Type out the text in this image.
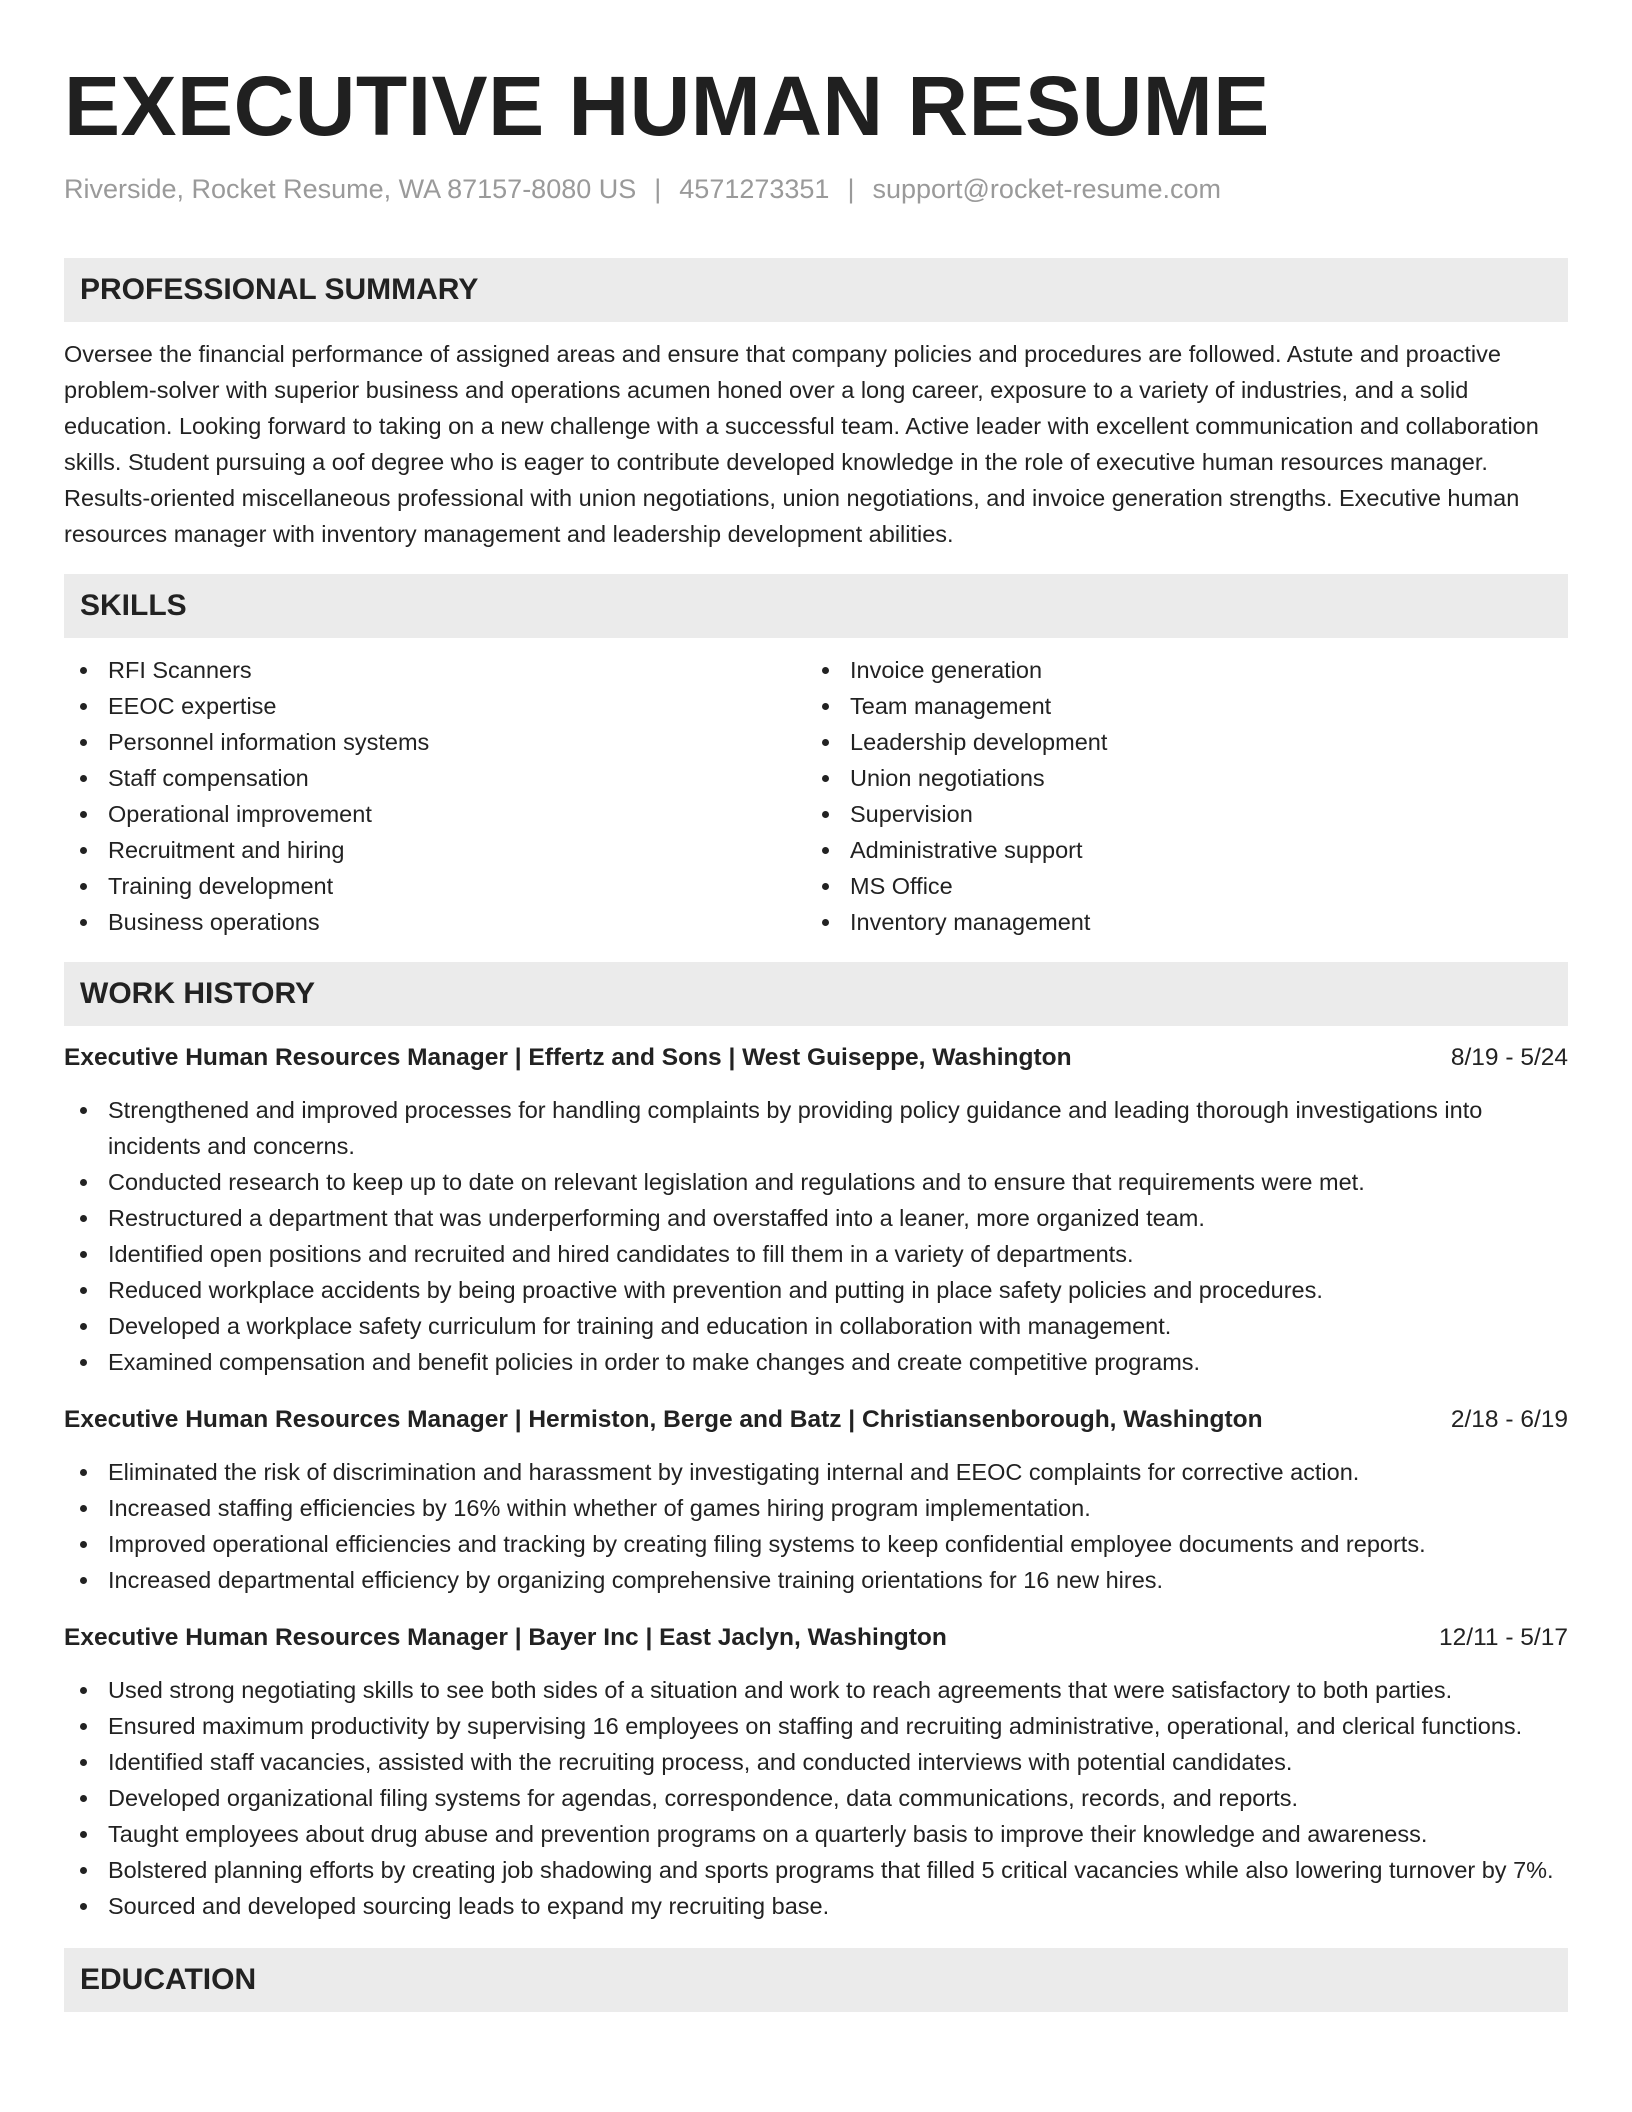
EXECUTIVE HUMAN RESUME
Riverside, Rocket Resume, WA 87157-8080 US | 4571273351 | support@rocket-resume.com
PROFESSIONAL SUMMARY

Oversee the financial performance of assigned areas and ensure that company policies and procedures are followed. Astute and proactive problem-solver with superior business and operations acumen honed over a long career, exposure to a variety of industries, and a solid education. Looking forward to taking on a new challenge with a successful team. Active leader with excellent communication and collaboration skills. Student pursuing a oof degree who is eager to contribute developed knowledge in the role of executive human resources manager. Results-oriented miscellaneous professional with union negotiations, union negotiations, and invoice generation strengths. Executive human resources manager with inventory management and leadership development abilities.

SKILLS
RFI Scanners
EEOC expertise
Personnel information systems
Staff compensation
Operational improvement
Recruitment and hiring
Training development
Business operations
Invoice generation
Team management
Leadership development
Union negotiations
Supervision
Administrative support
MS Office
Inventory management
WORK HISTORY
Executive Human Resources Manager | Effertz and Sons | West Guiseppe, Washington	8/19 - 5/24
Strengthened and improved processes for handling complaints by providing policy guidance and leading thorough investigations into incidents and concerns.
Conducted research to keep up to date on relevant legislation and regulations and to ensure that requirements were met.
Restructured a department that was underperforming and overstaffed into a leaner, more organized team.
Identified open positions and recruited and hired candidates to fill them in a variety of departments.
Reduced workplace accidents by being proactive with prevention and putting in place safety policies and procedures.
Developed a workplace safety curriculum for training and education in collaboration with management.
Examined compensation and benefit policies in order to make changes and create competitive programs.
Executive Human Resources Manager | Hermiston, Berge and Batz | Christiansenborough, Washington	2/18 - 6/19
Eliminated the risk of discrimination and harassment by investigating internal and EEOC complaints for corrective action.
Increased staffing efficiencies by 16% within whether of games hiring program implementation.
Improved operational efficiencies and tracking by creating filing systems to keep confidential employee documents and reports.
Increased departmental efficiency by organizing comprehensive training orientations for 16 new hires.
Executive Human Resources Manager | Bayer Inc | East Jaclyn, Washington	12/11 - 5/17
Used strong negotiating skills to see both sides of a situation and work to reach agreements that were satisfactory to both parties.
Ensured maximum productivity by supervising 16 employees on staffing and recruiting administrative, operational, and clerical functions.
Identified staff vacancies, assisted with the recruiting process, and conducted interviews with potential candidates.
Developed organizational filing systems for agendas, correspondence, data communications, records, and reports.
Taught employees about drug abuse and prevention programs on a quarterly basis to improve their knowledge and awareness.
Bolstered planning efforts by creating job shadowing and sports programs that filled 5 critical vacancies while also lowering turnover by 7%.
Sourced and developed sourcing leads to expand my recruiting base.
EDUCATION
